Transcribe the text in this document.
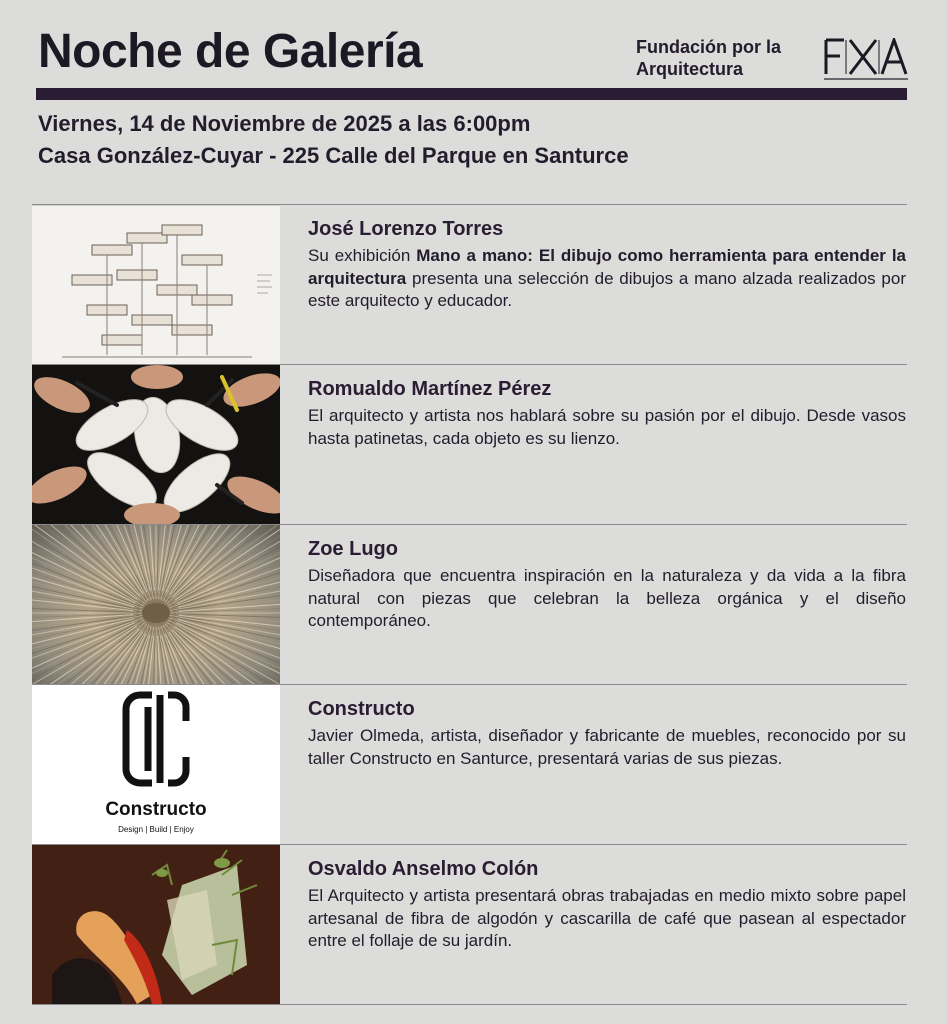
Noche de Galería	Fundación por la Arquitectura
Viernes, 14 de Noviembre de 2025 a las 6:00pm
Casa González-Cuyar - 225 Calle del Parque en Santurce
José Lorenzo Torres
Su exhibición Mano a mano: El dibujo como herramienta para entender la arquitectura presenta una selección de dibujos a mano alzada realizados por este arquitecto y educador.
Romualdo Martínez Pérez
El arquitecto y artista nos hablará sobre su pasión por el dibujo. Desde vasos hasta patinetas, cada objeto es su lienzo.
Zoe Lugo
Diseñadora que encuentra inspiración en la naturaleza y da vida a la fibra natural con piezas que celebran la belleza orgánica y el diseño contemporáneo.
Constructo
Design | Build | Enjoy
Constructo
Javier Olmeda, artista, diseñador y fabricante de muebles, reconocido por su taller Constructo en Santurce, presentará varias de sus piezas.
Osvaldo Anselmo Colón
El Arquitecto y artista presentará obras trabajadas en medio mixto sobre papel artesanal de fibra de algodón y cascarilla de café que pasean al espectador entre el follaje de su jardín.
